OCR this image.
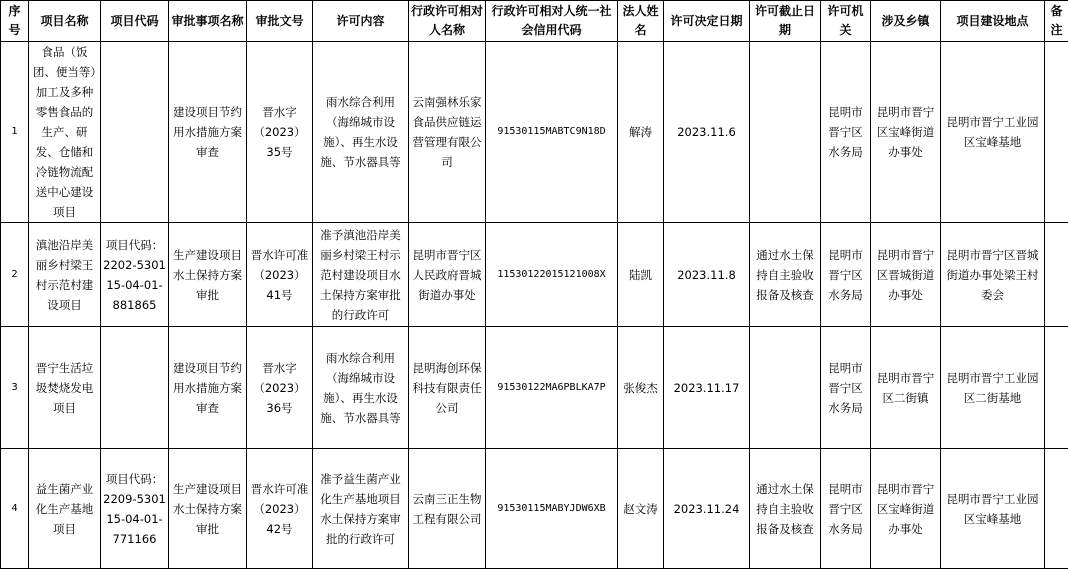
序号	项目名称	项目代码	审批事项名称	审批文号	许可内容	行政许可相对人名称	行政许可相对人统一社会信用代码	法人姓名	许可决定日期	许可截止日期	许可机关	涉及乡镇	项目建设地点	备注
1	食品（饭团、便当等）加工及多种零售食品的生产、研发、仓储和冷链物流配送中心建设项目		建设项目节约用水措施方案审查	晋水字（2023）35号	雨水综合利用（海绵城市设施）、再生水设施、节水器具等	云南强林乐家食品供应链运营管理有限公司	91530115MABTC9N18D	解涛	2023.11.6		昆明市晋宁区水务局	昆明市晋宁区宝峰街道办事处	昆明市晋宁工业园区宝峰基地	
2	滇池沿岸美丽乡村梁王村示范村建设项目	项目代码：2202-530115-04-01-881865	生产建设项目水土保持方案审批	晋水许可准（2023）41号	准予滇池沿岸美丽乡村梁王村示范村建设项目水土保持方案审批的行政许可	昆明市晋宁区人民政府晋城街道办事处	11530122015121008X	陆凯	2023.11.8	通过水土保持自主验收报备及核查	昆明市晋宁区水务局	昆明市晋宁区晋城街道办事处	昆明市晋宁区晋城街道办事处梁王村委会	
3	晋宁生活垃圾焚烧发电项目		建设项目节约用水措施方案审查	晋水字（2023）36号	雨水综合利用（海绵城市设施）、再生水设施、节水器具等	昆明海创环保科技有限责任公司	91530122MA6PBLKA7P	张俊杰	2023.11.17		昆明市晋宁区水务局	昆明市晋宁区二街镇	昆明市晋宁工业园区二街基地	
4	益生菌产业化生产基地项目	项目代码：2209-530115-04-01-771166	生产建设项目水土保持方案审批	晋水许可准（2023）42号	准予益生菌产业化生产基地项目水土保持方案审批的行政许可	云南三正生物工程有限公司	91530115MABYJDW6XB	赵文涛	2023.11.24	通过水土保持自主验收报备及核查	昆明市晋宁区水务局	昆明市晋宁区宝峰街道办事处	昆明市晋宁工业园区宝峰基地	
